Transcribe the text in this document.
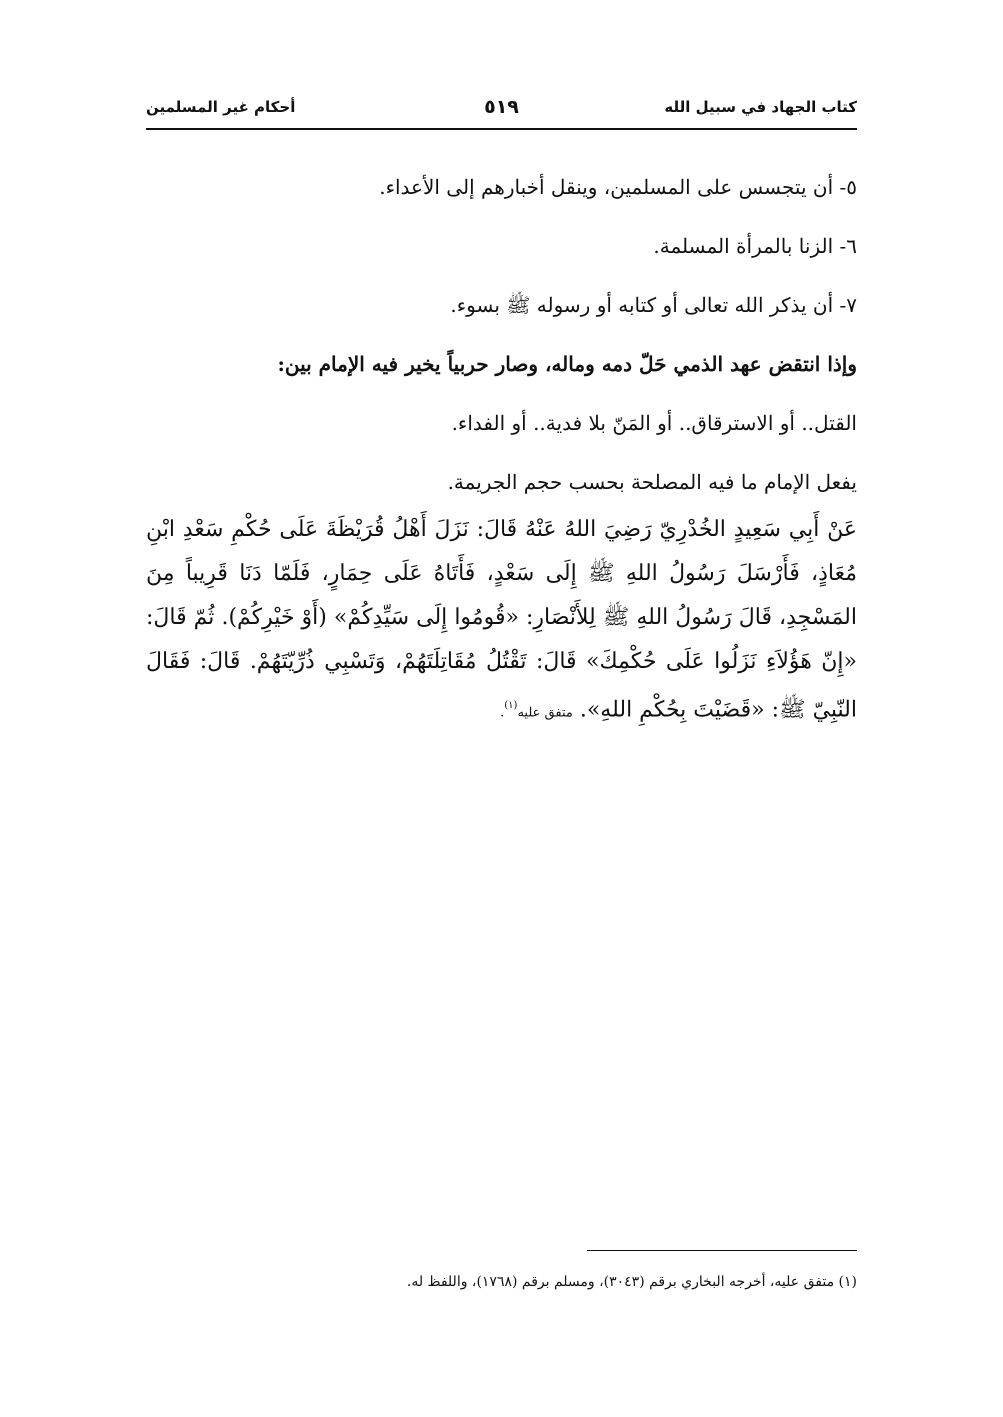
كتاب الجهاد في سبيل الله
٥١٩
أحكام غير المسلمين

٥- أن يتجسس على المسلمين، وينقل أخبارهم إلى الأعداء.

٦- الزنا بالمرأة المسلمة.

٧- أن يذكر الله تعالى أو كتابه أو رسوله ﷺ بسوء.

وإذا انتقض عهد الذمي حَلّ دمه وماله، وصار حربياً يخير فيه الإمام بين:

القتل.. أو الاسترقاق.. أو المَنّ بلا فدية.. أو الفداء.

يفعل الإمام ما فيه المصلحة بحسب حجم الجريمة.

عَنْ أَبِي سَعِيدٍ الخُدْرِيّ رَضِيَ اللهُ عَنْهُ قَالَ: نَزَلَ أَهْلُ قُرَيْظَةَ عَلَى حُكْمِ سَعْدِ ابْنِ مُعَاذٍ، فَأَرْسَلَ رَسُولُ اللهِ ﷺ إِلَى سَعْدٍ، فَأَتَاهُ عَلَى حِمَارٍ، فَلَمّا دَنَا قَرِيباً مِنَ المَسْجِدِ، قَالَ رَسُولُ اللهِ ﷺ لِلأَنْصَارِ: «قُومُوا إِلَى سَيِّدِكُمْ» (أَوْ خَيْرِكُمْ). ثُمّ قَالَ: «إِنّ هَؤُلاَءِ نَزَلُوا عَلَى حُكْمِكَ» قَالَ: تَقْتُلُ مُقَاتِلَتَهُمْ، وَتَسْبِي ذُرِّيّتَهُمْ. قَالَ: فَقَالَ النّبِيّ ﷺ: «قَضَيْتَ بِحُكْمِ اللهِ». متفق عليه$^{(١)}$.

(١) متفق عليه، أخرجه البخاري برقم (٣٠٤٣)، ومسلم برقم (١٧٦٨)، واللفظ له.
